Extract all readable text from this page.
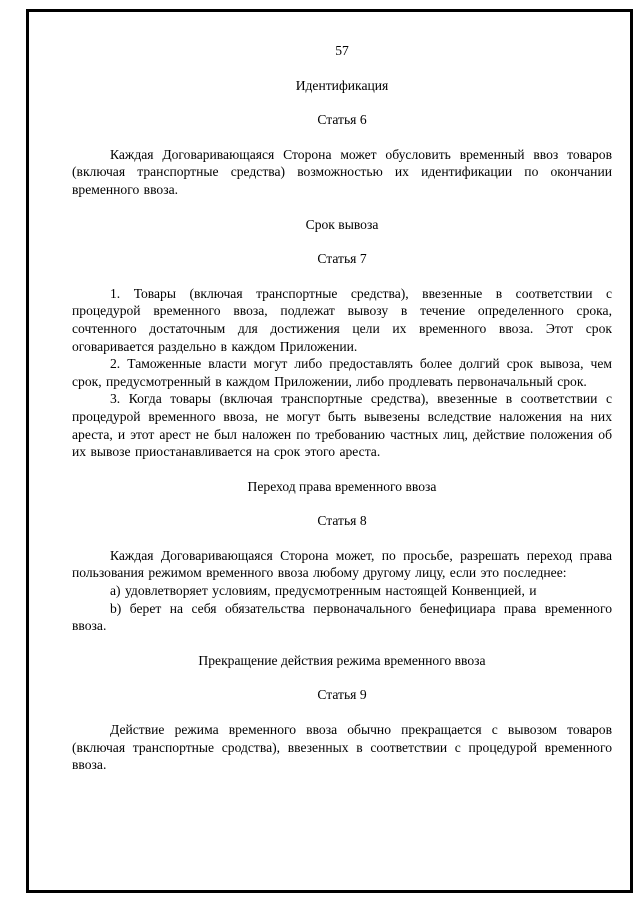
57
Идентификация
Статья 6

Каждая Договаривающаяся Сторона может обусловить временный ввоз товаров (включая транспортные средства) возможностью их идентификации по окончании временного ввоза.

Срок вывоза
Статья 7

1. Товары (включая транспортные средства), ввезенные в соответствии с процедурой временного ввоза, подлежат вывозу в течение определенного срока, сочтенного достаточным для достижения цели их временного ввоза. Этот срок оговаривается раздельно в каждом Приложении.

2. Таможенные власти могут либо предоставлять более долгий срок вывоза, чем срок, предусмотренный в каждом Приложении, либо продлевать первоначальный срок.

3. Когда товары (включая транспортные средства), ввезенные в соответствии с процедурой временного ввоза, не могут быть вывезены вследствие наложения на них ареста, и этот арест не был наложен по требованию частных лиц, действие положения об их вывозе приостанавливается на срок этого ареста.

Переход права временного ввоза
Статья 8

Каждая Договаривающаяся Сторона может, по просьбе, разрешать переход права пользования режимом временного ввоза любому другому лицу, если это последнее:

а) удовлетворяет условиям, предусмотренным настоящей Конвенцией, и

b) берет на себя обязательства первоначального бенефициара права временного ввоза.

Прекращение действия режима временного ввоза
Статья 9

Действие режима временного ввоза обычно прекращается с вывозом товаров (включая транспортные сродства), ввезенных в соответствии с процедурой временного ввоза.
